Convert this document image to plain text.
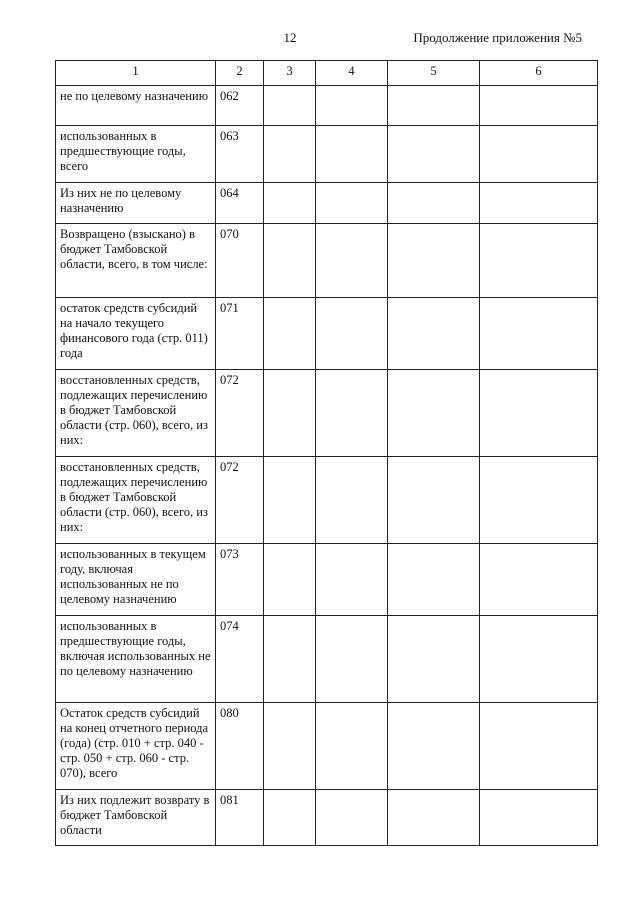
12	Продолжение приложения №5
1	2	3	4	5	6
не по целевому назначению	062				
использованных в предшествующие годы, всего	063				
Из них не по целевому назначению	064				
Возвращено (взыскано) в бюджет Тамбовской области, всего, в том числе:	070				
остаток средств субсидий на начало текущего финансового года (стр. 011) года	071				
восстановленных средств, подлежащих перечислению в бюджет Тамбовской области (стр. 060), всего, из них:	072				
восстановленных средств, подлежащих перечислению в бюджет Тамбовской области (стр. 060), всего, из них:	072				
использованных в текущем году, включая использованных не по целевому назначению	073				
использованных в предшествующие годы, включая использованных не по целевому назначению	074				
Остаток средств субсидий на конец отчетного периода (года) (стр. 010 + стр. 040 - стр. 050 + стр. 060 - стр. 070), всего	080				
Из них подлежит возврату в бюджет Тамбовской области	081				
